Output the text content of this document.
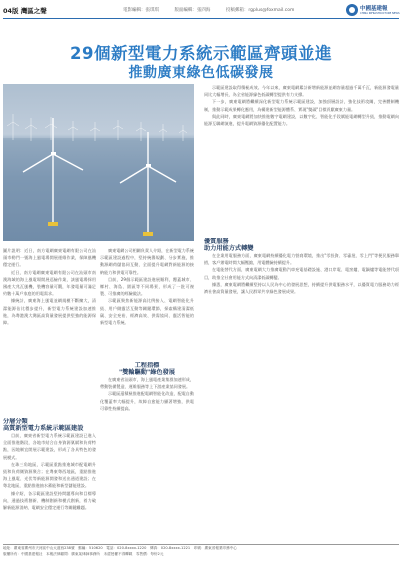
04版 灣區之聲	電影編輯：張琪琪	版面編輯：張四海	投稿郵箱：rgplus@foxmail.com	中國基建報
CHINA INFRASTRUCTURE NEWS
29個新型電力系統示範區齊頭並進
推動廣東綠色低碳發展

圖片説明：近日，南方電網廣東電網有限公司在汕頭市勒門一號海上風電場開展運維作業，保障風機穩定運行。

近日，南方電網廣東電網有限公司在汕頭市南澳海域的海上風電場開展巡檢作業，該風電場採用國產大兆瓦風機，裝機容量可觀，年發電量可滿足約數十萬戶家庭的用電需求。

據統計，廣東海上風電並網規模不斷擴大，清潔能源佔比穩步提升，新型電力系統建設加速推進，為粵港澳大灣區高質量發展提供堅強的能源保障。

廣東電網公司相關負責人介紹，在新型電力系統示範區建設過程中，堅持統籌規劃、分步實施，推動源網荷儲協同互動，全面提升電網對新能源的接納能力和供電可靠性。

目前，29個示範區建設進展順利，覆蓋城市、鄉村、海島、園區等不同場景，形成了一批可複製、可推廣的經驗做法。

示範區聚焦新能源高比例接入、電網智能化升級、用戶側靈活互動等關鍵環節，探索構建清潔低碳、安全充裕、經濟高效、供需協同、靈活智能的新型電力系統。

工程指標
"雙輪驅動"綠色發展

在廣東省汕頭市，海上風電產業集群加速形成，帶動裝備製造、運維服務等上下游產業協同發展。

示範區還積極推進配電網智能化改造，配電自動化覆蓋率大幅提升，故障自愈能力顯著增強，供電可靠性持續提高。

分層分類
高質新型電力系統示範區建設

目前，廣東省新型電力系統示範區建設已進入全面推進階段，各地市結合自身資源稟賦和負荷特點，因地制宜開展示範建設，形成了各具特色的發展模式。

在珠三角地區，示範區重點推進城市配電網升級和負荷側資源聚合；在粵東粵西地區，重點推進海上風電、光伏等新能源開發和送出通道建設；在粵北地區，重點推進抽水蓄能和新型儲能建設。

據介紹，各示範區建設堅持問題導向和目標導向，通過技術創新、機制創新和模式創新，着力破解新能源消納、電網安全穩定運行等關鍵難題。

示範區建設取得積極成效。今年以來，廣東電網累計新增新能源並網容量超過千萬千瓦，新能源發電量同比大幅增長，為全省能源綠色低碳轉型提供有力支撐。

下一步，廣東電網將繼續深化新型電力系統示範區建設，加強頂層設計，強化技術攻關，完善體制機制，推動示範成果轉化應用，為構建新型能源體系、實現"雙碳"目標貢獻廣東力量。

與此同時，廣東電網將加快推進數字電網建設，以數字化、智能化手段賦能電網轉型升級，推動電網向能源互聯網演進，提升電網資源優化配置能力。

優質服務
助力用能方式轉變

在企業用電服務方面，廣東電網持續優化電力營商環境，推出"零投資、零審批、零上門"等便民服務舉措，客戶辦電時間大幅壓縮，用電體驗持續提升。

在電能替代方面，廣東電網大力推廣電動汽車充電基礎設施、港口岸電、電窯爐、電鍋爐等電能替代項目，助推全社會用能方式向清潔低碳轉變。

據悉，廣東電網將繼續堅持以人民為中心的發展思想，持續提升供電服務水平，以優質電力服務助力經濟社會高質量發展，讓人民群眾共享綠色發展成果。

地址：廣東省廣州市天河區中山大道西238號　郵編：510620　電話：020-8xxxx-1220　傳真：020-8xxxx-1221　印刷：廣東省報業印務中心
版權所有：中國基建報社　本報法律顧問：廣東某律師事務所　未經授權不得轉載　零售價：每份2元
